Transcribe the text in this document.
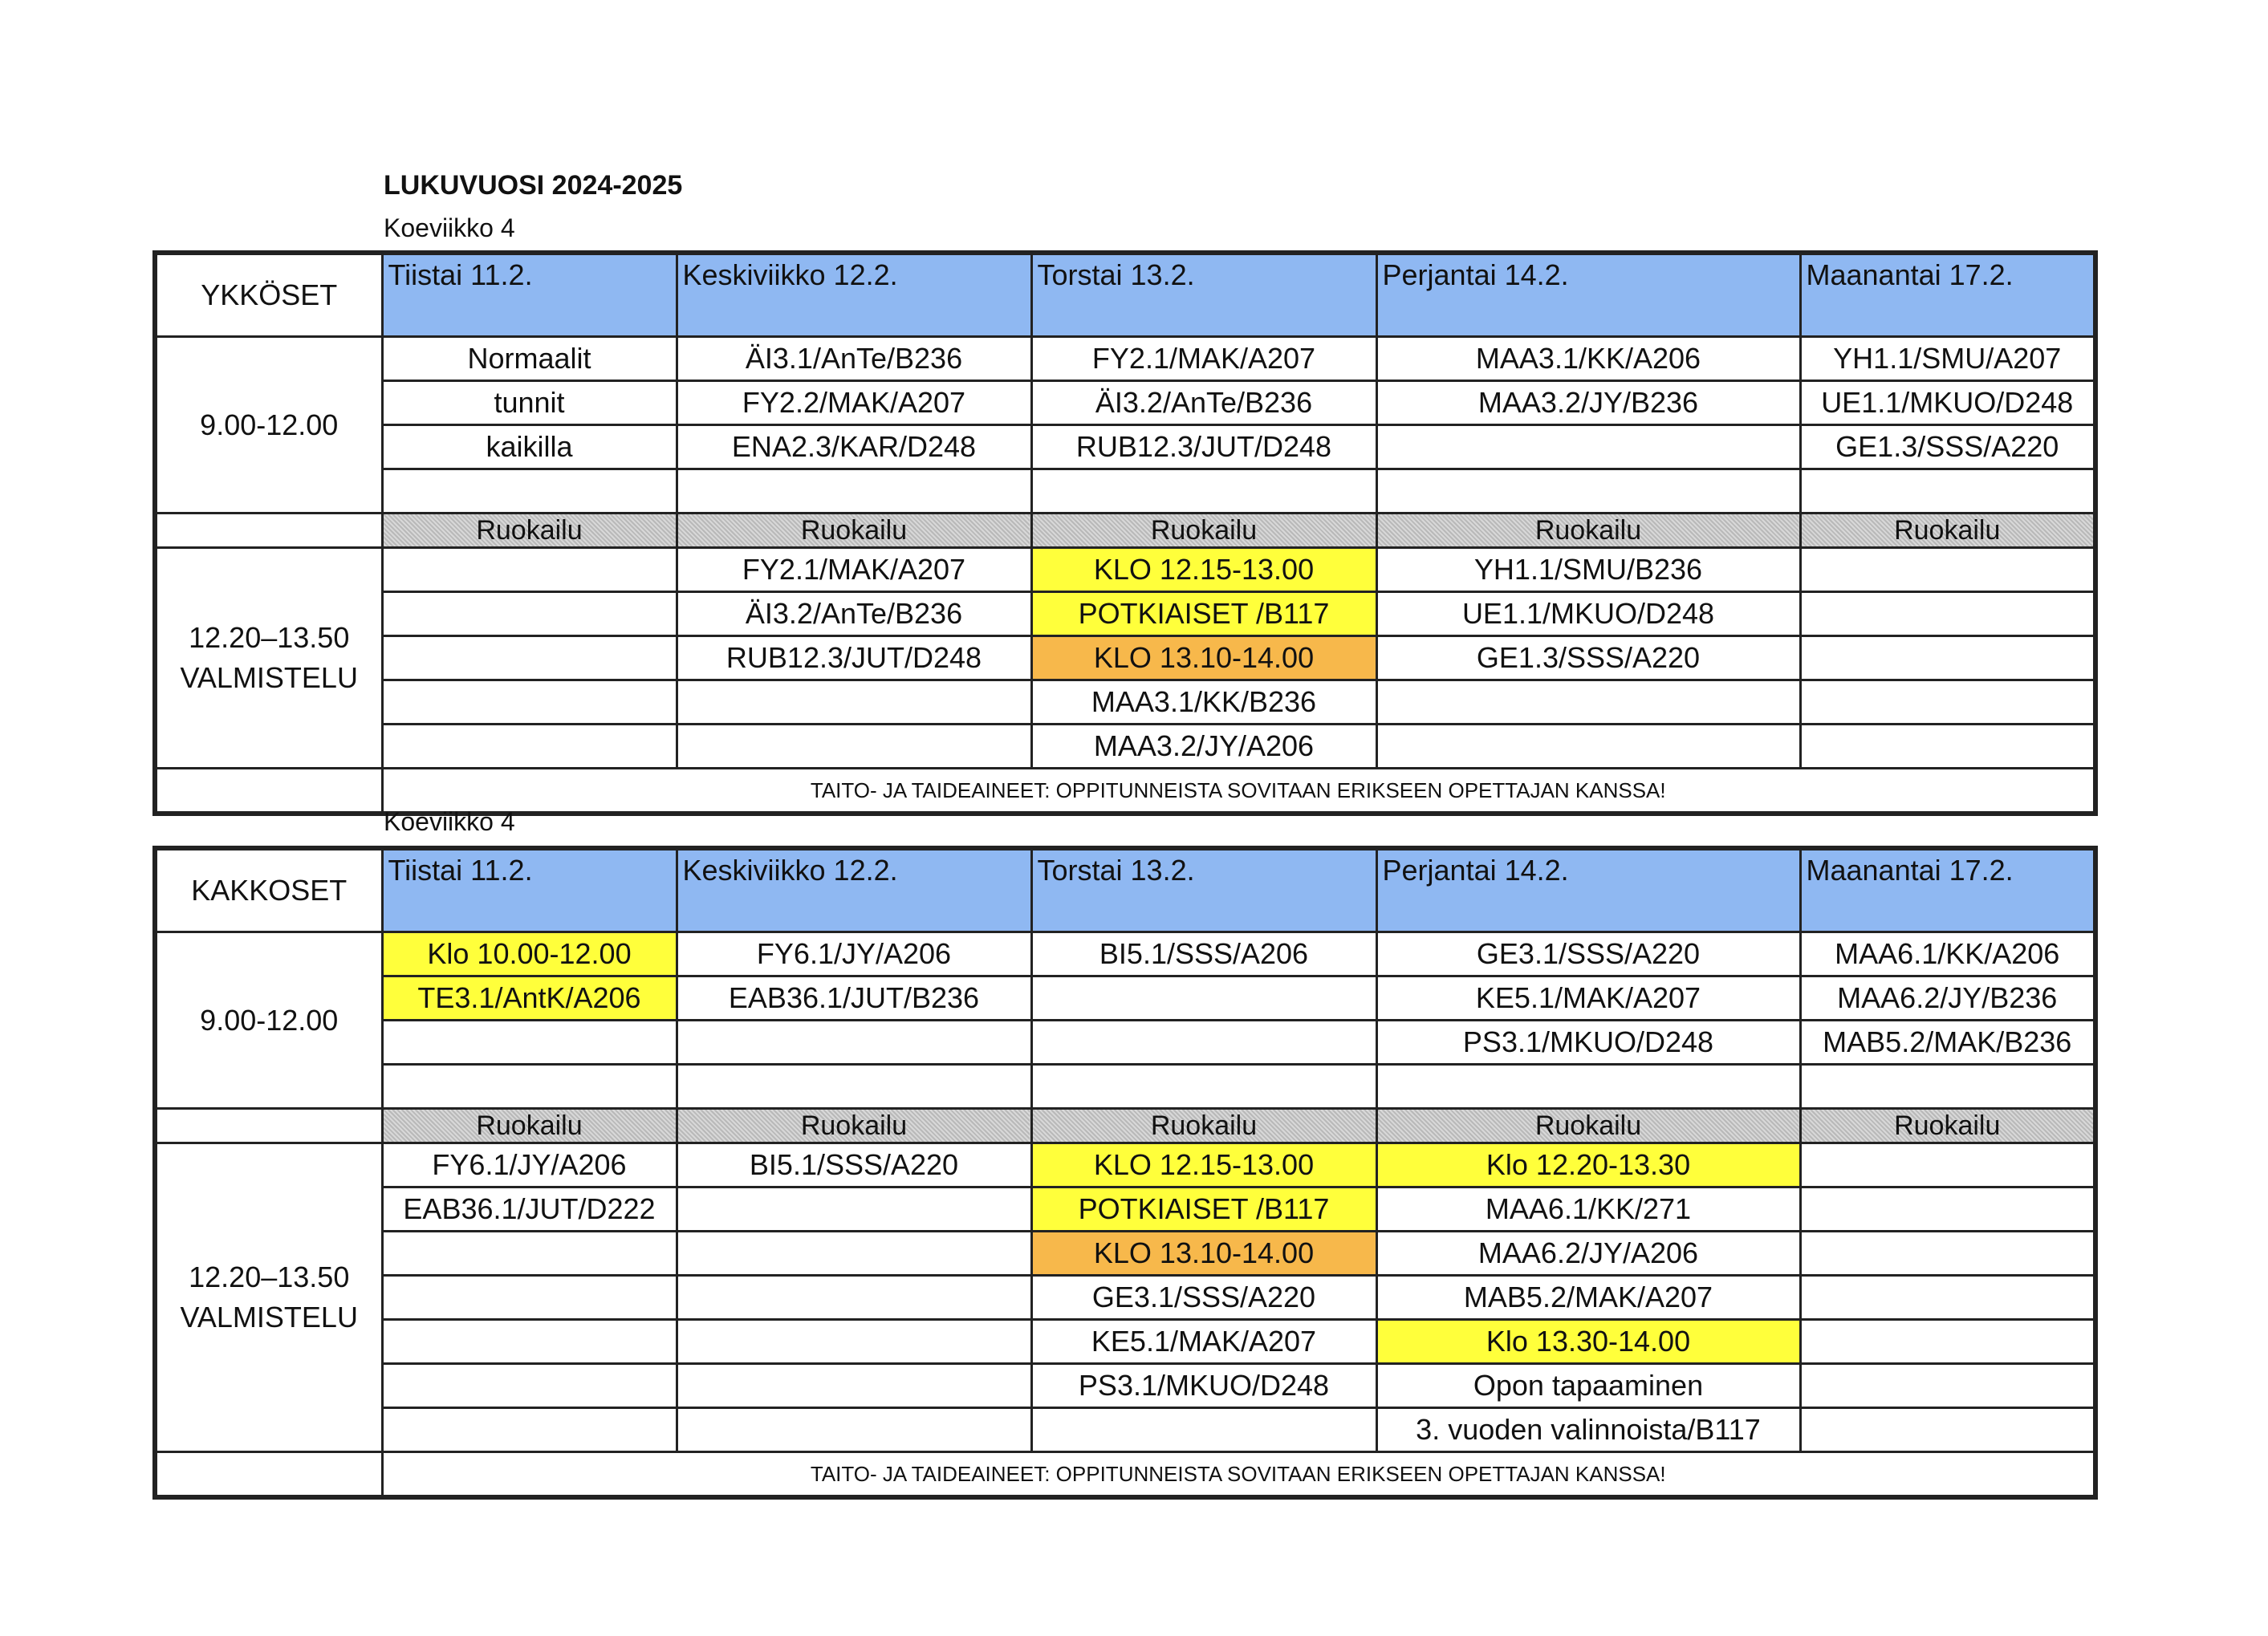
LUKUVUOSI 2024-2025
Koeviikko 4
YKKÖSET	Tiistai 11.2.	Keskiviikko 12.2.	Torstai 13.2.	Perjantai 14.2.	Maanantai 17.2.
9.00-12.00	Normaalit	ÄI3.1/AnTe/B236	FY2.1/MAK/A207	MAA3.1/KK/A206	YH1.1/SMU/A207
	tunnit	FY2.2/MAK/A207	ÄI3.2/AnTe/B236	MAA3.2/JY/B236	UE1.1/MKUO/D248
	kaikilla	ENA2.3/KAR/D248	RUB12.3/JUT/D248		GE1.3/SSS/A220

	Ruokailu	Ruokailu	Ruokailu	Ruokailu	Ruokailu

12.20–13.50
VALMISTELU		FY2.1/MAK/A207	KLO 12.15-13.00	YH1.1/SMU/B236	
		ÄI3.2/AnTe/B236	POTKIAISET /B117	UE1.1/MKUO/D248	
		RUB12.3/JUT/D248	KLO 13.10-14.00	GE1.3/SSS/A220	
			MAA3.1/KK/B236		
			MAA3.2/JY/A206		
	TAITO- JA TAIDEAINEET: OPPITUNNEISTA SOVITAAN ERIKSEEN OPETTAJAN KANSSA!				
Koeviikko 4
KAKKOSET	Tiistai 11.2.	Keskiviikko 12.2.	Torstai 13.2.	Perjantai 14.2.	Maanantai 17.2.
9.00-12.00	Klo 10.00-12.00	FY6.1/JY/A206	BI5.1/SSS/A206	GE3.1/SSS/A220	MAA6.1/KK/A206
	TE3.1/AntK/A206	EAB36.1/JUT/B236		KE5.1/MAK/A207	MAA6.2/JY/B236
				PS3.1/MKUO/D248	MAB5.2/MAK/B236

	Ruokailu	Ruokailu	Ruokailu	Ruokailu	Ruokailu

12.20–13.50
VALMISTELU	FY6.1/JY/A206	BI5.1/SSS/A220	KLO 12.15-13.00	Klo 12.20-13.30	
	EAB36.1/JUT/D222		POTKIAISET /B117	MAA6.1/KK/271	
			KLO 13.10-14.00	MAA6.2/JY/A206	
			GE3.1/SSS/A220	MAB5.2/MAK/A207	
			KE5.1/MAK/A207	Klo 13.30-14.00	
			PS3.1/MKUO/D248	Opon tapaaminen	
				3. vuoden valinnoista/B117	
	TAITO- JA TAIDEAINEET: OPPITUNNEISTA SOVITAAN ERIKSEEN OPETTAJAN KANSSA!				
